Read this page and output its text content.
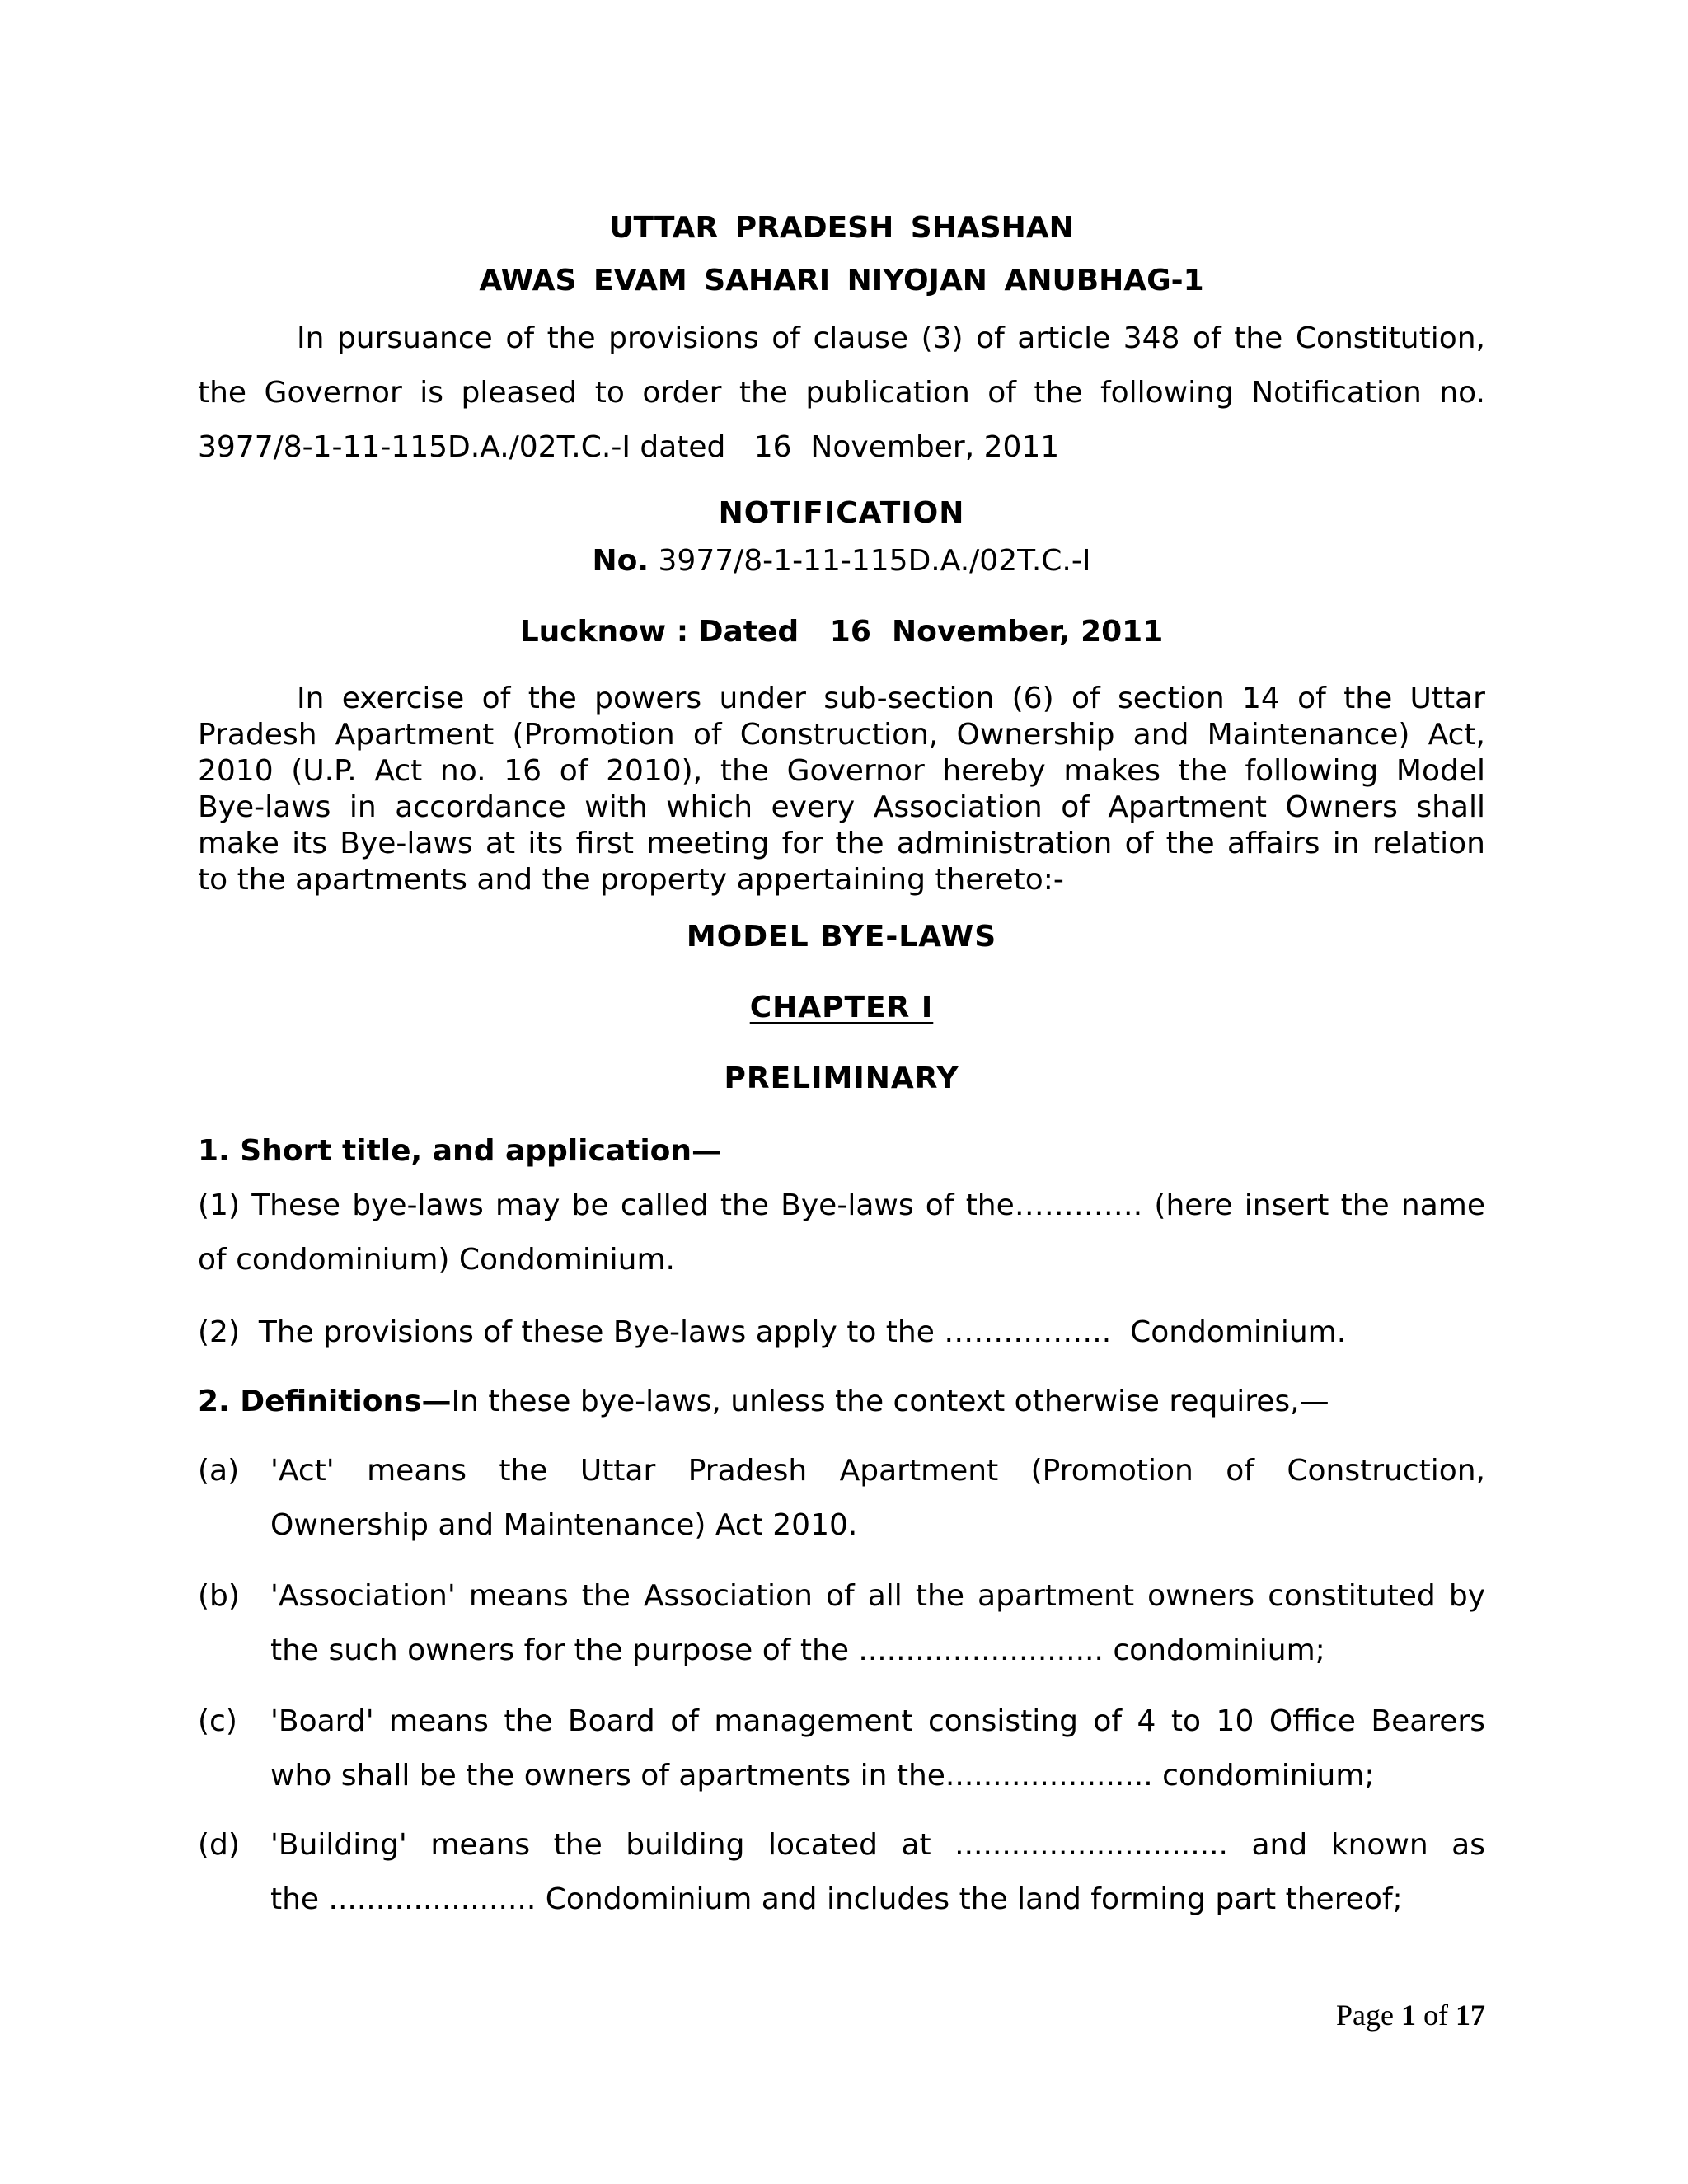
UTTAR PRADESH SHASHAN
AWAS EVAM SAHARI NIYOJAN ANUBHAG-1
In pursuance of the provisions of clause (3) of article 348 of the Constitution,
the Governor is pleased to order the publication of the following Notification no.
3977/8-1-11-115D.A./02T.C.-I dated   16  November, 2011
NOTIFICATION
No. 3977/8-1-11-115D.A./02T.C.-I
Lucknow : Dated   16  November, 2011
In exercise of the powers under sub-section (6) of section 14 of the Uttar
Pradesh Apartment (Promotion of Construction, Ownership and Maintenance) Act,
2010 (U.P. Act no. 16 of 2010), the Governor hereby makes the following Model
Bye-laws in accordance with which every Association of Apartment Owners shall
make its Bye-laws at its first meeting for the administration of the affairs in relation
to the apartments and the property appertaining thereto:-
MODEL BYE-LAWS
CHAPTER I
PRELIMINARY
1. Short title, and application—
(1) These bye-laws may be called the Bye-laws of the…………. (here insert the name
of condominium) Condominium.
(2)  The provisions of these Bye-laws apply to the ……………..  Condominium.
2. Definitions—In these bye-laws, unless the context otherwise requires,—
(a)	'Act' means the Uttar Pradesh Apartment (Promotion of Construction,
Ownership and Maintenance) Act 2010.
(b)	'Association' means the Association of all the apartment owners constituted by
the such owners for the purpose of the .......................... condominium;
(c)	'Board' means the Board of management consisting of 4 to 10 Office Bearers
who shall be the owners of apartments in the...................... condominium;
(d)	'Building' means the building located at ............................. and known as
the ...................... Condominium and includes the land forming part thereof;
Page 1 of 17
